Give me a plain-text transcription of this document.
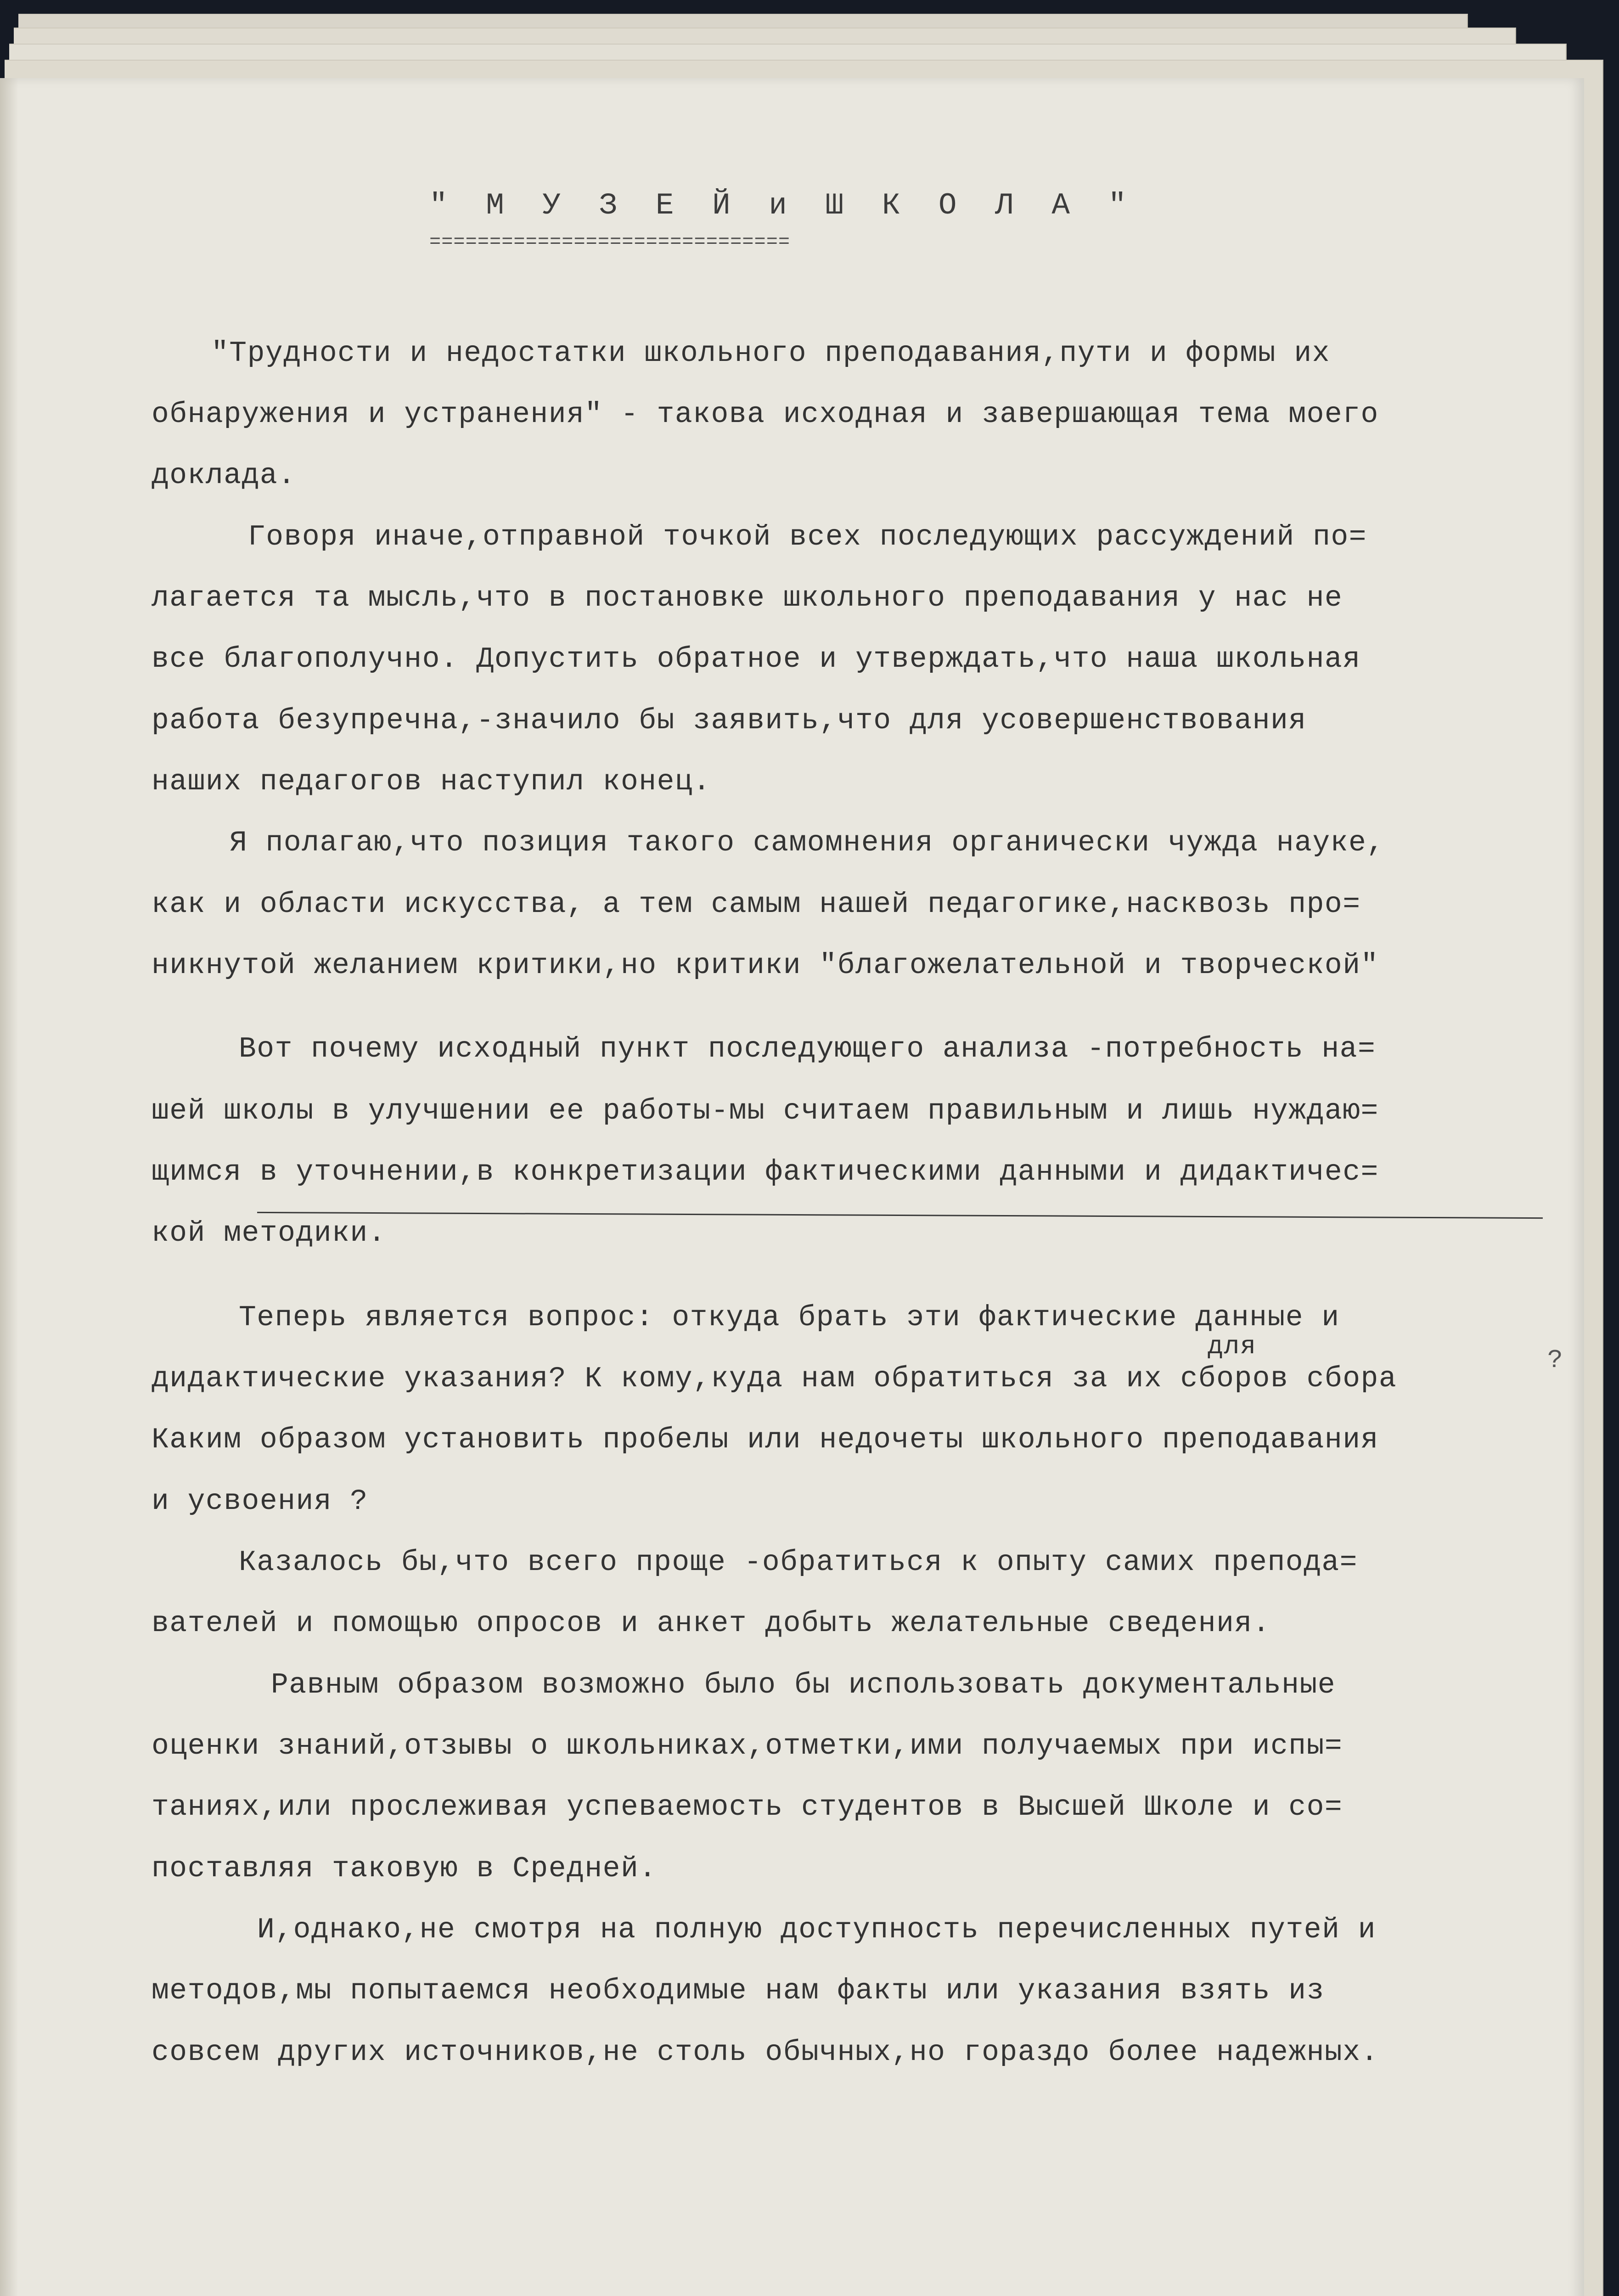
" М У З Е Й и Ш К О Л А "
==============================
"Трудности и недостатки школьного преподавания,пути и формы их
обнаружения и устранения" - такова исходная и завершающая тема моего
доклада.
Говоря иначе,отправной точкой всех последующих рассуждений по=
лагается та мысль,что в постановке школьного преподавания у нас не
все благополучно. Допустить обратное и утверждать,что наша школьная
работа безупречна,-значило бы заявить,что для усовершенствования
наших педагогов наступил конец.
Я полагаю,что позиция такого самомнения органически чужда науке,
как и области искусства, а тем самым нашей педагогике,насквозь про=
никнутой желанием критики,но критики "благожелательной и творческой"
Вот почему исходный пункт последующего анализа -потребность на=
шей школы в улучшении ее работы-мы считаем правильным и лишь нуждаю=
щимся в уточнении,в конкретизации фактическими данными и дидактичес=
кой методики.
Теперь является вопрос: откуда брать эти фактические данные и
для
дидактические указания? К кому,куда нам обратиться за их сборов сбора
?
Каким образом установить пробелы или недочеты школьного преподавания
и усвоения ?
Казалось бы,что всего проще -обратиться к опыту самих препода=
вателей и помощью опросов и анкет добыть желательные сведения.
Равным образом возможно было бы использовать документальные
оценки знаний,отзывы о школьниках,отметки,ими получаемых при испы=
таниях,или прослеживая успеваемость студентов в Высшей Школе и со=
поставляя таковую в Средней.
И,однако,не смотря на полную доступность перечисленных путей и
методов,мы попытаемся необходимые нам факты или указания взять из
совсем других источников,не столь обычных,но гораздо более надежных.
